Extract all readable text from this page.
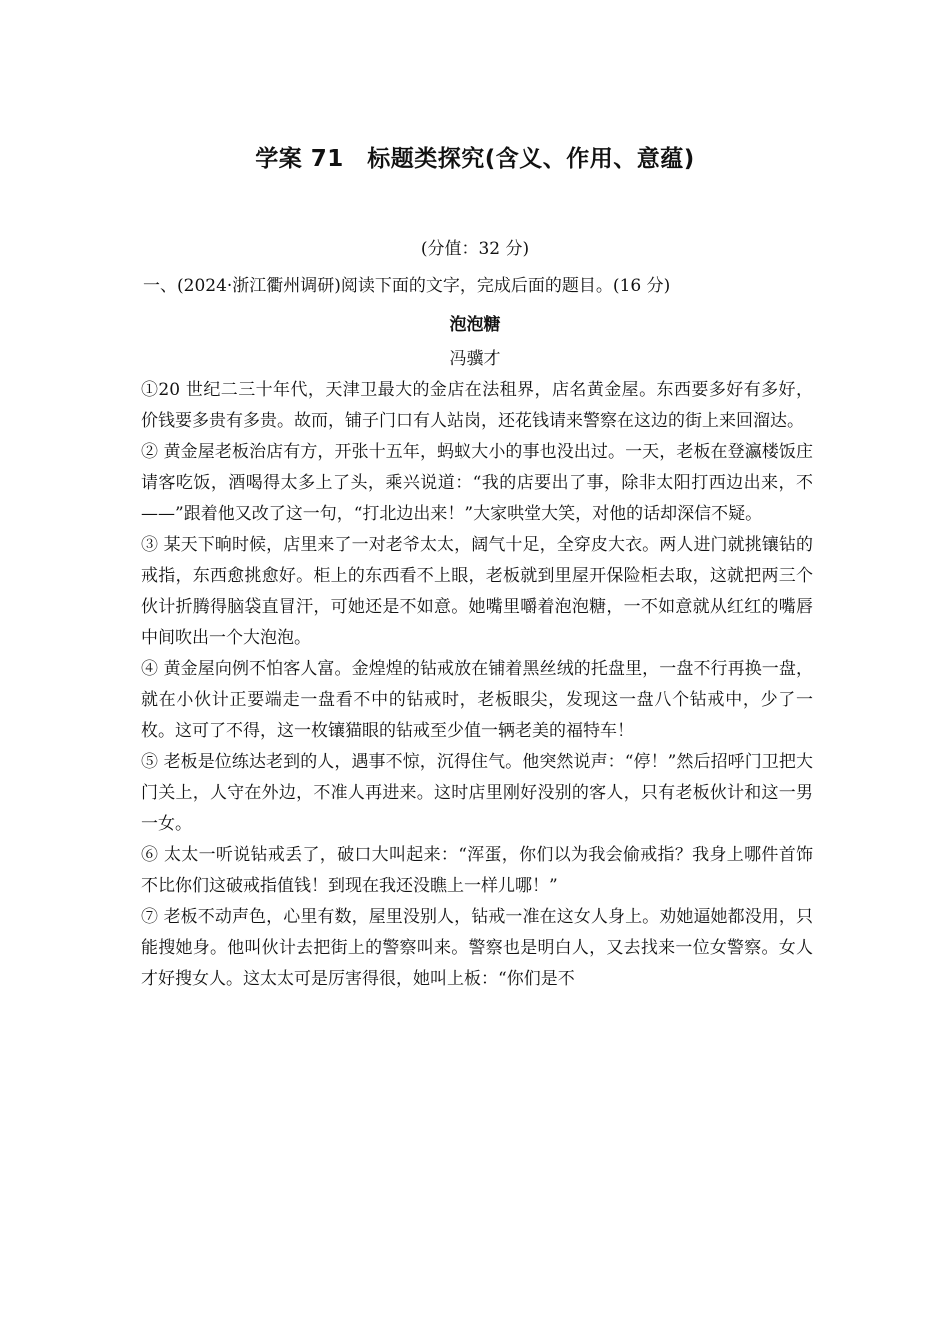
学案 71　标题类探究(含义、作用、意蕴)
(分值：32 分)
一、(2024·浙江衢州调研)阅读下面的文字，完成后面的题目。(16 分)
泡泡糖
冯骥才

①20 世纪二三十年代，天津卫最大的金店在法租界，店名黄金屋。东西要多好有多好，价钱要多贵有多贵。故而，铺子门口有人站岗，还花钱请来警察在这边的街上来回溜达。

② 黄金屋老板治店有方，开张十五年，蚂蚁大小的事也没出过。一天，老板在登瀛楼饭庄请客吃饭，酒喝得太多上了头，乘兴说道：“我的店要出了事，除非太阳打西边出来，不——”跟着他又改了这一句，“打北边出来！”大家哄堂大笑，对他的话却深信不疑。

③ 某天下晌时候，店里来了一对老爷太太，阔气十足，全穿皮大衣。两人进门就挑镶钻的戒指，东西愈挑愈好。柜上的东西看不上眼，老板就到里屋开保险柜去取，这就把两三个伙计折腾得脑袋直冒汗，可她还是不如意。她嘴里嚼着泡泡糖，一不如意就从红红的嘴唇中间吹出一个大泡泡。

④ 黄金屋向例不怕客人富。金煌煌的钻戒放在铺着黑丝绒的托盘里，一盘不行再换一盘，就在小伙计正要端走一盘看不中的钻戒时，老板眼尖，发现这一盘八个钻戒中，少了一枚。这可了不得，这一枚镶猫眼的钻戒至少值一辆老美的福特车！

⑤ 老板是位练达老到的人，遇事不惊，沉得住气。他突然说声：“停！”然后招呼门卫把大门关上，人守在外边，不准人再进来。这时店里刚好没别的客人，只有老板伙计和这一男一女。

⑥ 太太一听说钻戒丢了，破口大叫起来：“浑蛋，你们以为我会偷戒指？我身上哪件首饰不比你们这破戒指值钱！到现在我还没瞧上一样儿哪！”

⑦ 老板不动声色，心里有数，屋里没别人，钻戒一准在这女人身上。劝她逼她都没用，只能搜她身。他叫伙计去把街上的警察叫来。警察也是明白人，又去找来一位女警察。女人才好搜女人。这太太可是厉害得很，她叫上板：“你们是不
